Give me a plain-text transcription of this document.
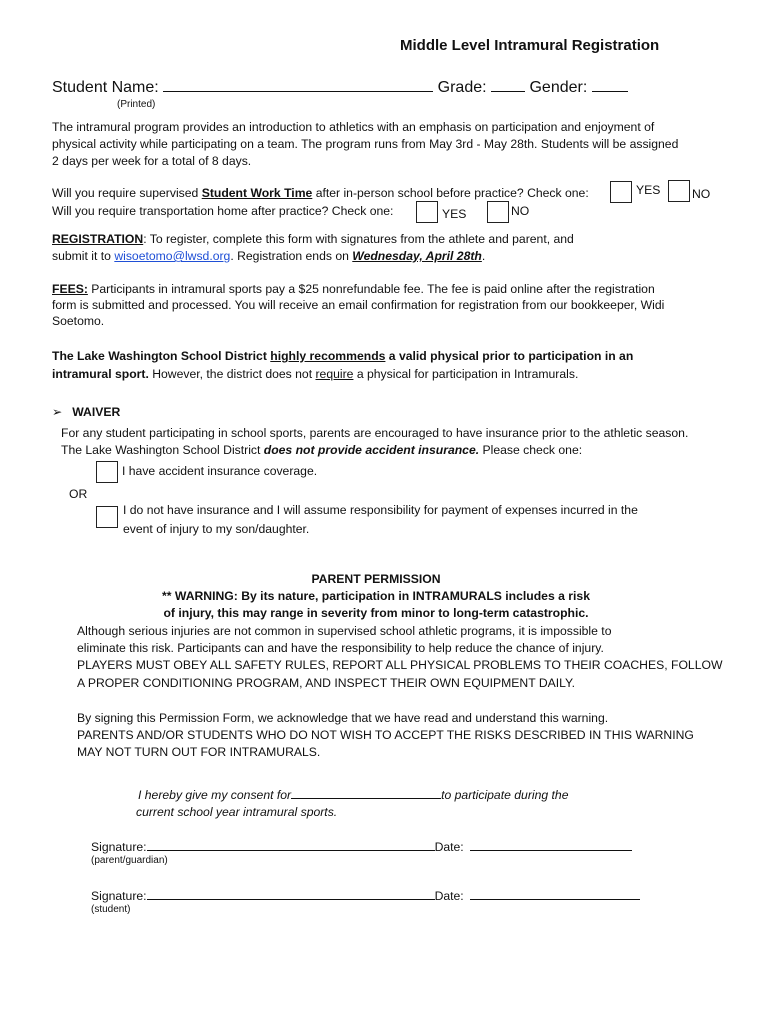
Middle Level Intramural Registration
Student Name:	Grade:	Gender:
(Printed)
The intramural program provides an introduction to athletics with an emphasis on participation and enjoyment of
physical activity while participating on a team. The program runs from May 3rd - May 28th. Students will be assigned
2 days per week for a total of 8 days.
Will you require supervised Student Work Time after in-person school before practice? Check one:	YES	NO
Will you require transportation home after practice? Check one:	YES	NO
REGISTRATION: To register, complete this form with signatures from the athlete and parent, and
submit it to wisoetomo@lwsd.org. Registration ends on Wednesday, April 28th.
FEES: Participants in intramural sports pay a $25 nonrefundable fee. The fee is paid online after the registration
form is submitted and processed. You will receive an email confirmation for registration from our bookkeeper, Widi
Soetomo.
The Lake Washington School District highly recommends a valid physical prior to participation in an
intramural sport. However, the district does not require a physical for participation in Intramurals.
➢ WAIVER
For any student participating in school sports, parents are encouraged to have insurance prior to the athletic season.
The Lake Washington School District does not provide accident insurance. Please check one:
I have accident insurance coverage.
OR
I do not have insurance and I will assume responsibility for payment of expenses incurred in the
event of injury to my son/daughter.
PARENT PERMISSION
** WARNING: By its nature, participation in INTRAMURALS includes a risk
of injury, this may range in severity from minor to long-term catastrophic.
Although serious injuries are not common in supervised school athletic programs, it is impossible to
eliminate this risk. Participants can and have the responsibility to help reduce the chance of injury.
PLAYERS MUST OBEY ALL SAFETY RULES, REPORT ALL PHYSICAL PROBLEMS TO THEIR COACHES, FOLLOW
A PROPER CONDITIONING PROGRAM, AND INSPECT THEIR OWN EQUIPMENT DAILY.
By signing this Permission Form, we acknowledge that we have read and understand this warning.
PARENTS AND/OR STUDENTS WHO DO NOT WISH TO ACCEPT THE RISKS DESCRIBED IN THIS WARNING
MAY NOT TURN OUT FOR INTRAMURALS.
I hereby give my consent for	to participate during the
current school year intramural sports.
Signature:	Date:
(parent/guardian)
Signature:	Date:
(student)
